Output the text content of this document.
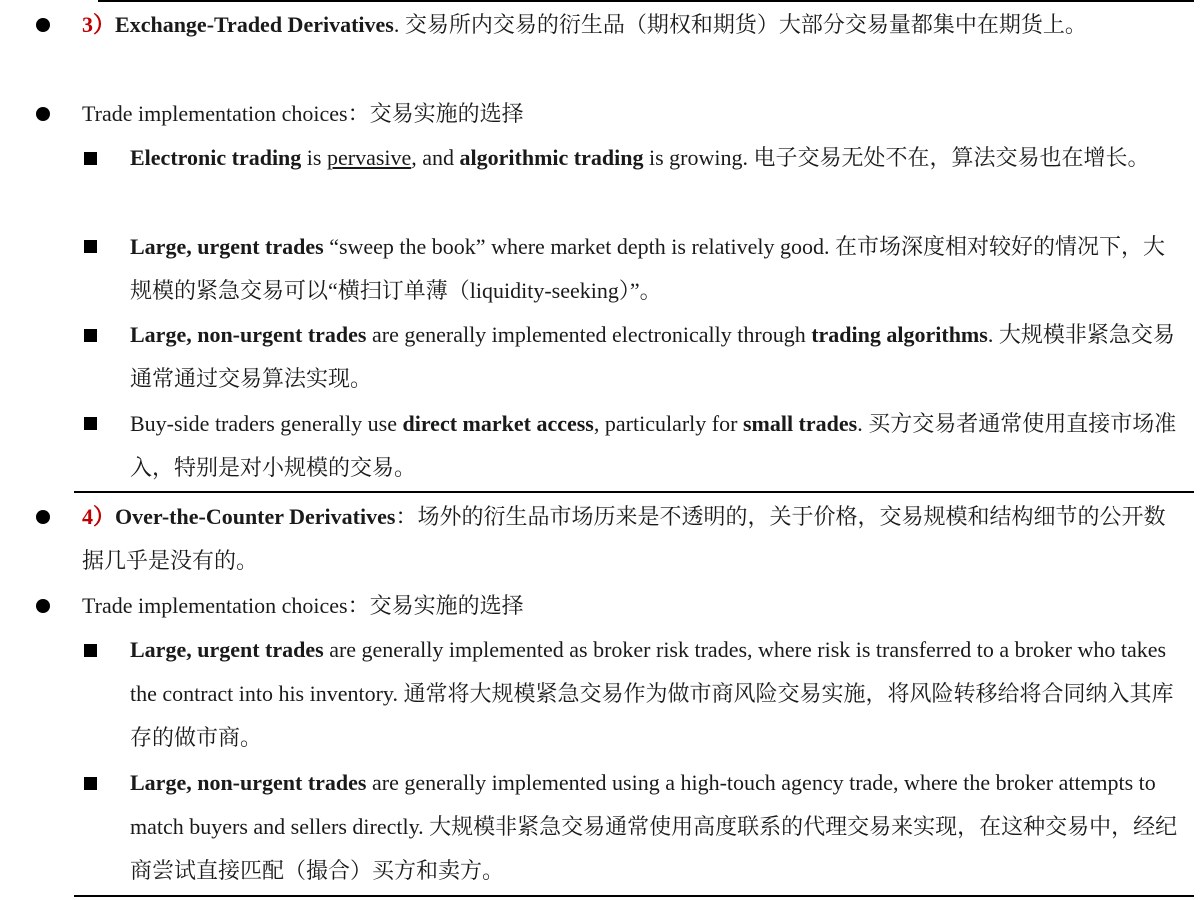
3）Exchange-Traded Derivatives. 交易所内交易的衍生品（期权和期货）大部分交易量都集中在期货上。
Trade implementation choices：交易实施的选择
Electronic trading is pervasive, and algorithmic trading is growing. 电子交易无处不在，算法交易也在增长。
Large, urgent trades “sweep the book” where market depth is relatively good. 在市场深度相对较好的情况下，大规模的紧急交易可以“横扫订单薄（liquidity-seeking）”。
Large, non-urgent trades are generally implemented electronically through trading algorithms. 大规模非紧急交易通常通过交易算法实现。
Buy-side traders generally use direct market access, particularly for small trades. 买方交易者通常使用直接市场准入，特别是对小规模的交易。
4）Over-the-Counter Derivatives：场外的衍生品市场历来是不透明的，关于价格，交易规模和结构细节的公开数据几乎是没有的。
Trade implementation choices：交易实施的选择
Large, urgent trades are generally implemented as broker risk trades, where risk is transferred to a broker who takes the contract into his inventory. 通常将大规模紧急交易作为做市商风险交易实施，将风险转移给将合同纳入其库存的做市商。
Large, non-urgent trades are generally implemented using a high-touch agency trade, where the broker attempts to match buyers and sellers directly. 大规模非紧急交易通常使用高度联系的代理交易来实现，在这种交易中，经纪商尝试直接匹配（撮合）买方和卖方。
